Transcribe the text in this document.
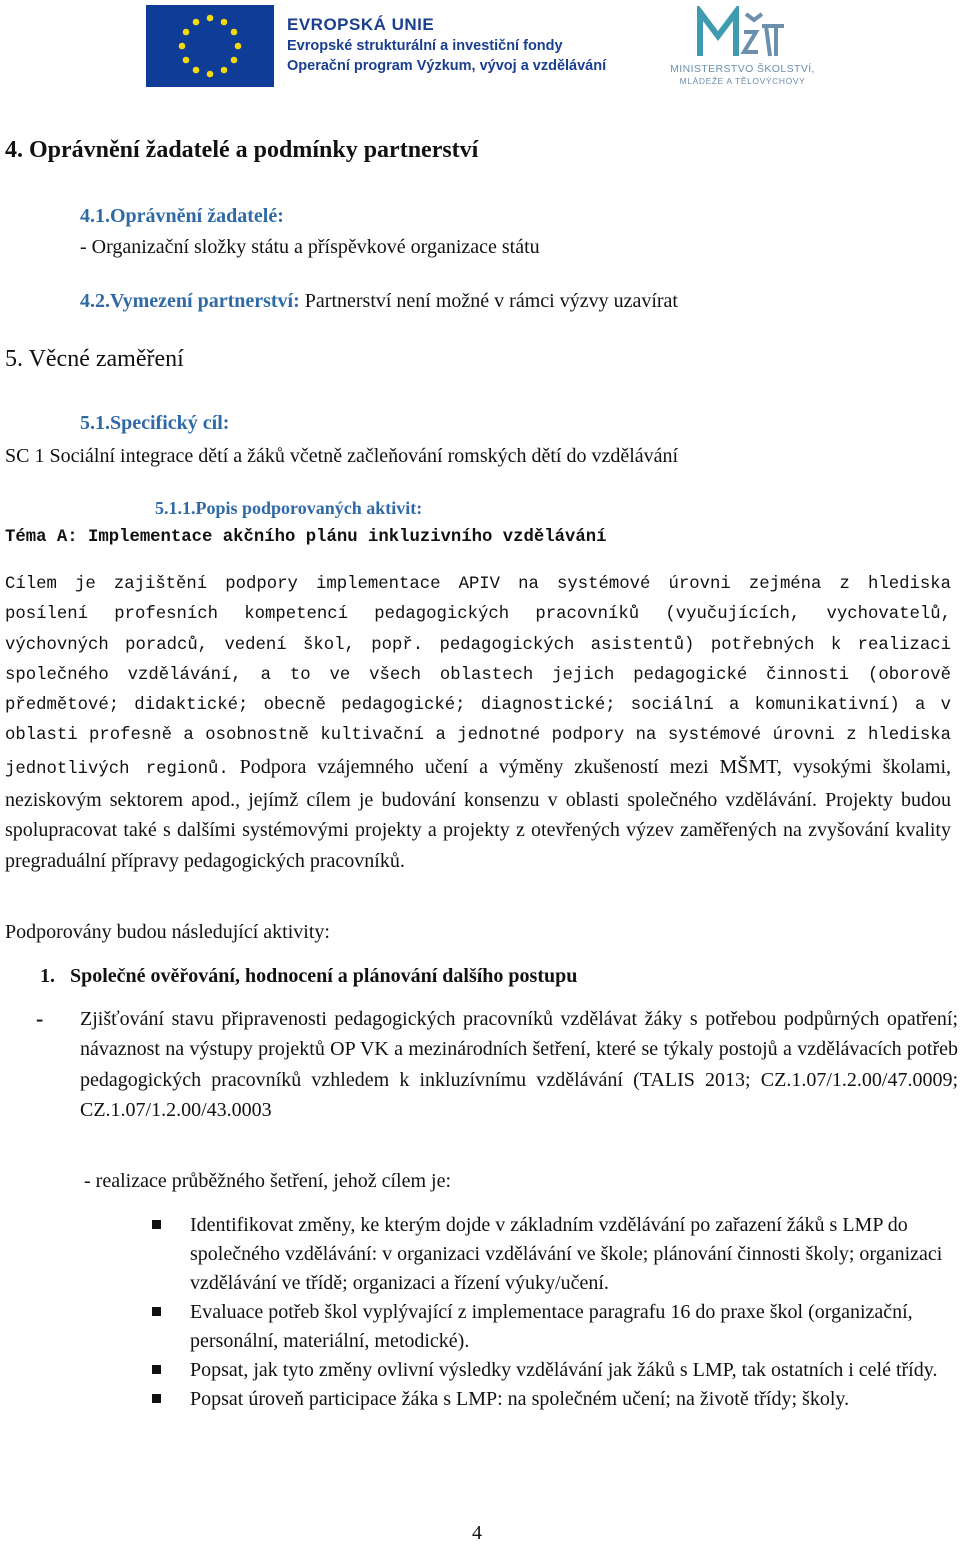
EVROPSKÁ UNIE
Evropské strukturální a investiční fondy
Operační program Výzkum, vývoj a vzdělávání	MINISTERSTVO ŠKOLSTVÍ,
MLÁDEŽE A TĚLOVÝCHOVY
4. Oprávnění žadatelé a podmínky partnerství
4.1.Oprávnění žadatelé:
- Organizační složky státu a příspěvkové organizace státu
4.2.Vymezení partnerství: Partnerství není možné v rámci výzvy uzavírat
5. Věcné zaměření
5.1.Specifický cíl:
SC 1 Sociální integrace dětí a žáků včetně začleňování romských dětí do vzdělávání
5.1.1.Popis podporovaných aktivit:
Téma A: Implementace akčního plánu inkluzivního vzdělávání

Cílem je zajištění podpory implementace APIV na systémové úrovni zejména z hlediska posílení profesních kompetencí pedagogických pracovníků (vyučujících, vychovatelů, výchovných poradců, vedení škol, popř. pedagogických asistentů) potřebných k realizaci společného vzdělávání, a to ve všech oblastech jejich pedagogické činnosti (oborově předmětové; didaktické; obecně pedagogické; diagnostické; sociální a komunikativní) a v oblasti profesně a osobnostně kultivační a jednotné podpory na systémové úrovni z hlediska jednotlivých regionů. Podpora vzájemného učení a výměny zkušeností mezi MŠMT, vysokými školami, neziskovým sektorem apod., jejímž cílem je budování konsenzu v oblasti společného vzdělávání. Projekty budou spolupracovat také s dalšími systémovými projekty a projekty z otevřených výzev zaměřených na zvyšování kvality pregraduální přípravy pedagogických pracovníků.

Podporovány budou následující aktivity:
1. Společné ověřování, hodnocení a plánování dalšího postupu
- Zjišťování stavu připravenosti pedagogických pracovníků vzdělávat žáky s potřebou podpůrných opatření; návaznost na výstupy projektů OP VK a mezinárodních šetření, které se týkaly postojů a vzdělávacích potřeb pedagogických pracovníků vzhledem k inkluzívnímu vzdělávání (TALIS 2013; CZ.1.07/1.2.00/47.0009; CZ.1.07/1.2.00/43.0003
- realizace průběžného šetření, jehož cílem je:
Identifikovat změny, ke kterým dojde v základním vzdělávání po zařazení žáků s LMP do společného vzdělávání: v organizaci vzdělávání ve škole; plánování činnosti školy; organizaci vzdělávání ve třídě; organizaci a řízení výuky/učení.
Evaluace potřeb škol vyplývající z implementace paragrafu 16 do praxe škol (organizační, personální, materiální, metodické).
Popsat, jak tyto změny ovlivní výsledky vzdělávání jak žáků s LMP, tak ostatních i celé třídy.
Popsat úroveň participace žáka s LMP: na společném učení; na životě třídy; školy.
4
